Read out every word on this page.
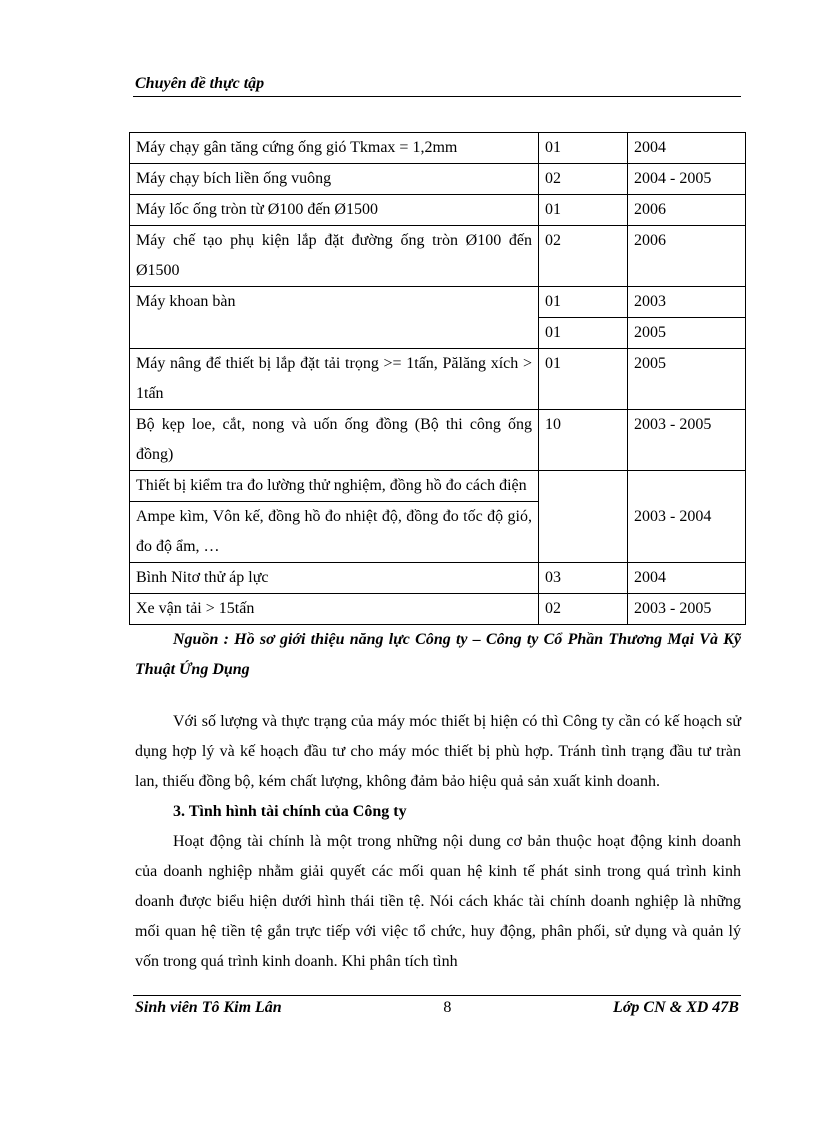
Chuyên đề thực tập
Máy chạy gân tăng cứng ống gió Tkmax = 1,2mm	01	2004
Máy chạy bích liền ống vuông	02	2004 - 2005
Máy lốc ống tròn từ Ø100 đến Ø1500	01	2006
Máy chế tạo phụ kiện lắp đặt đường ống tròn Ø100 đến Ø1500	02	2006
Máy khoan bàn	01	2003
	01	2005
Máy nâng để thiết bị lắp đặt tải trọng >= 1tấn, Pălăng xích > 1tấn	01	2005
Bộ kẹp loe, cắt, nong và uốn ống đồng (Bộ thi công ống đồng)	10	2003 - 2005
Thiết bị kiểm tra đo lường thử nghiệm, đồng hồ đo cách điện		2003 - 2004
Ampe kìm, Vôn kế, đồng hồ đo nhiệt độ, đồng đo tốc độ gió, đo độ ẩm, …		
Bình Nitơ thử áp lực	03	2004
Xe vận tải > 15tấn	02	2003 - 2005
Nguồn : Hồ sơ giới thiệu năng lực Công ty – Công ty Cổ Phần Thương Mại Và Kỹ Thuật Ứng Dụng
Với số lượng và thực trạng của máy móc thiết bị hiện có thì Công ty cần có kế hoạch sử dụng hợp lý và kế hoạch đầu tư cho máy móc thiết bị phù hợp. Tránh tình trạng đầu tư tràn lan, thiếu đồng bộ, kém chất lượng, không đảm bảo hiệu quả sản xuất kinh doanh.
3. Tình hình tài chính của Công ty
Hoạt động tài chính là một trong những nội dung cơ bản thuộc hoạt động kinh doanh của doanh nghiệp nhằm giải quyết các mối quan hệ kinh tế phát sinh trong quá trình kinh doanh được biểu hiện dưới hình thái tiền tệ. Nói cách khác tài chính doanh nghiệp là những mối quan hệ tiền tệ gắn trực tiếp với việc tổ chức, huy động, phân phối, sử dụng và quản lý vốn trong quá trình kinh doanh. Khi phân tích tình
Sinh viên Tô Kim Lân	8	Lớp CN & XD 47B
